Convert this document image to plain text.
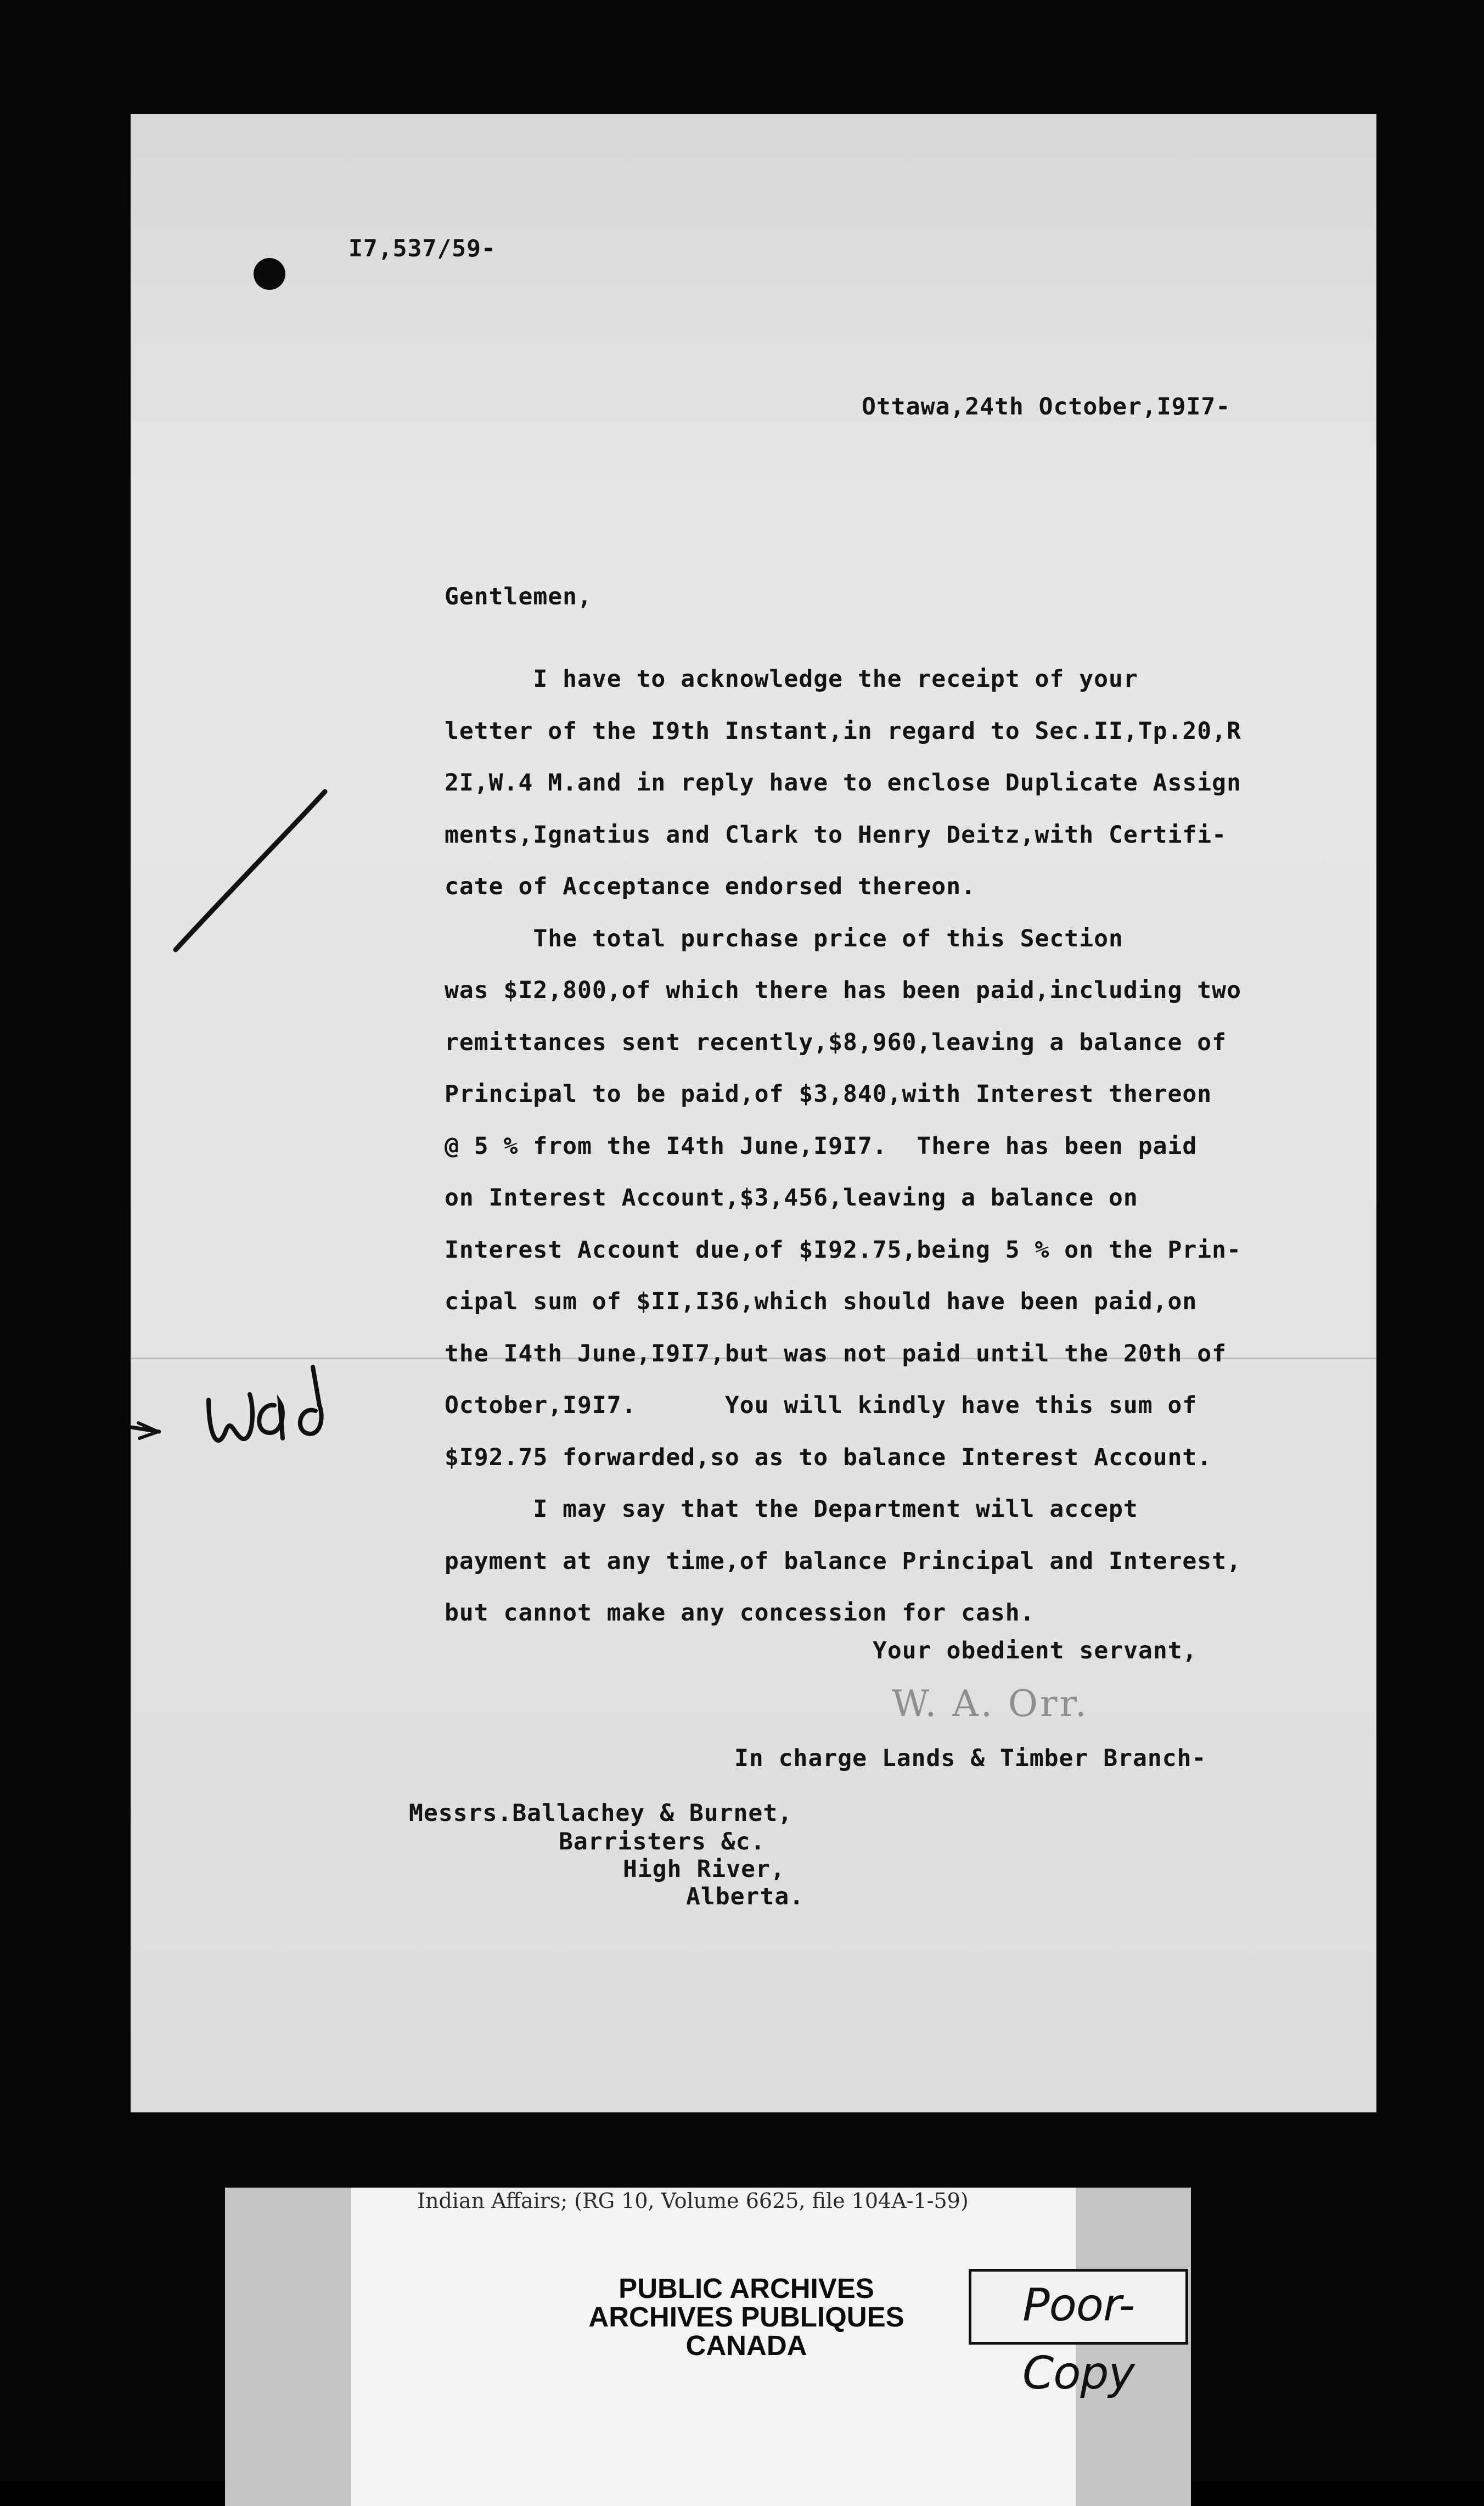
I7,537/59-
Ottawa,24th October,I9I7-
Gentlemen,
I have to acknowledge the receipt of your
letter of the I9th Instant,in regard to Sec.II,Tp.20,R
2I,W.4 M.and in reply have to enclose Duplicate Assign
ments,Ignatius and Clark to Henry Deitz,with Certifi-
cate of Acceptance endorsed thereon.
The total purchase price of this Section
was $I2,800,of which there has been paid,including two
remittances sent recently,$8,960,leaving a balance of
Principal to be paid,of $3,840,with Interest thereon
@ 5 % from the I4th June,I9I7.  There has been paid
on Interest Account,$3,456,leaving a balance on
Interest Account due,of $I92.75,being 5 % on the Prin-
cipal sum of $II,I36,which should have been paid,on
the I4th June,I9I7,but was not paid until the 20th of
October,I9I7.      You will kindly have this sum of
$I92.75 forwarded,so as to balance Interest Account.
I may say that the Department will accept
payment at any time,of balance Principal and Interest,
but cannot make any concession for cash.
Your obedient servant,
W. A. Orr.
In charge Lands & Timber Branch-
Messrs.Ballachey & Burnet,
Barristers &c.
High River,
Alberta.
Indian Affairs; (RG 10, Volume 6625, file 104A-1-59)
PUBLIC ARCHIVES
ARCHIVES PUBLIQUES
CANADA
Poor-Copy
